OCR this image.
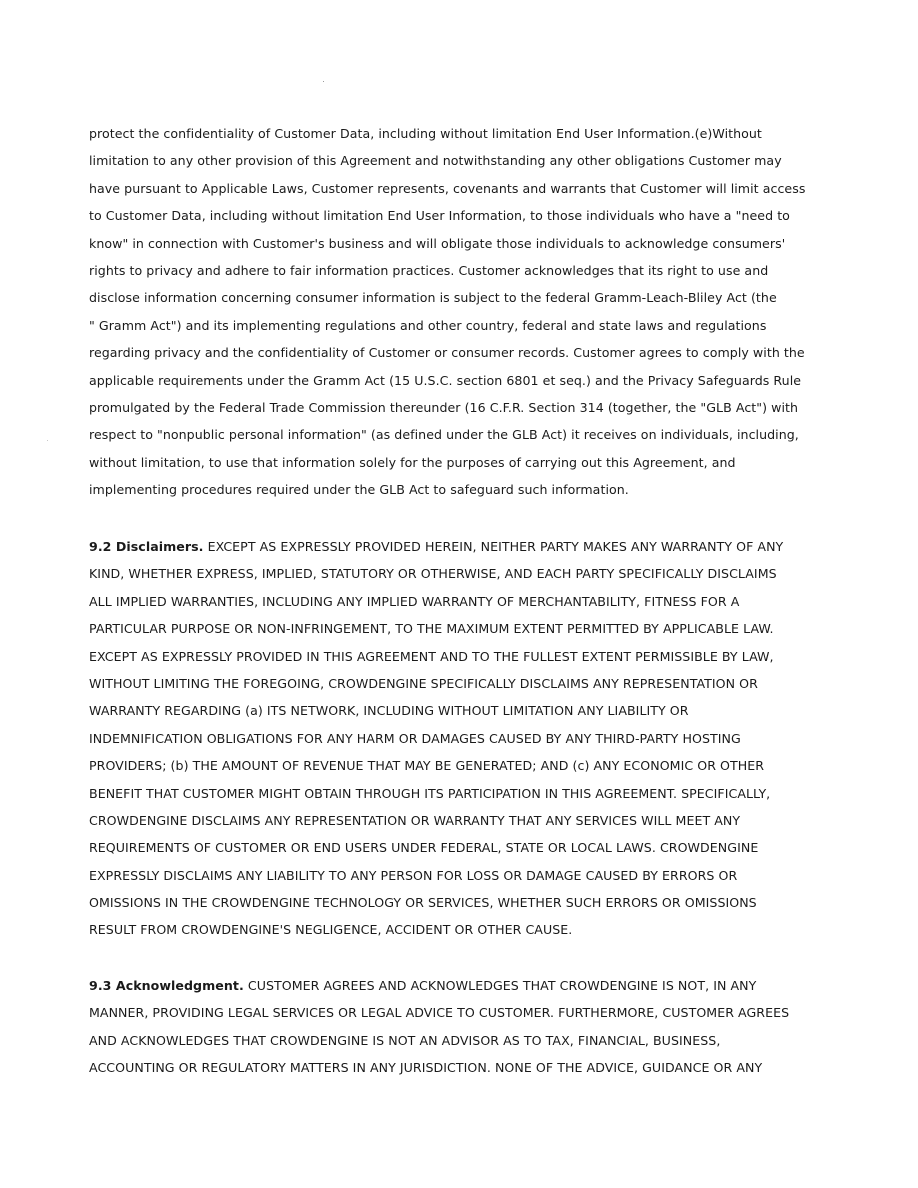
protect the confidentiality of Customer Data, including without limitation End User Information.(e)Without
limitation to any other provision of this Agreement and notwithstanding any other obligations Customer may
have pursuant to Applicable Laws, Customer represents, covenants and warrants that Customer will limit access
to Customer Data, including without limitation End User Information, to those individuals who have a "need to
know" in connection with Customer's business and will obligate those individuals to acknowledge consumers'
rights to privacy and adhere to fair information practices. Customer acknowledges that its right to use and
disclose information concerning consumer information is subject to the federal Gramm-Leach-Bliley Act (the
" Gramm Act") and its implementing regulations and other country, federal and state laws and regulations
regarding privacy and the confidentiality of Customer or consumer records. Customer agrees to comply with the
applicable requirements under the Gramm Act (15 U.S.C. section 6801 et seq.) and the Privacy Safeguards Rule
promulgated by the Federal Trade Commission thereunder (16 C.F.R. Section 314 (together, the "GLB Act") with
respect to "nonpublic personal information" (as defined under the GLB Act) it receives on individuals, including,
without limitation, to use that information solely for the purposes of carrying out this Agreement, and
implementing procedures required under the GLB Act to safeguard such information.
9.2 Disclaimers. EXCEPT AS EXPRESSLY PROVIDED HEREIN, NEITHER PARTY MAKES ANY WARRANTY OF ANY
KIND, WHETHER EXPRESS, IMPLIED, STATUTORY OR OTHERWISE, AND EACH PARTY SPECIFICALLY DISCLAIMS
ALL IMPLIED WARRANTIES, INCLUDING ANY IMPLIED WARRANTY OF MERCHANTABILITY, FITNESS FOR A
PARTICULAR PURPOSE OR NON-INFRINGEMENT, TO THE MAXIMUM EXTENT PERMITTED BY APPLICABLE LAW.
EXCEPT AS EXPRESSLY PROVIDED IN THIS AGREEMENT AND TO THE FULLEST EXTENT PERMISSIBLE BY LAW,
WITHOUT LIMITING THE FOREGOING, CROWDENGINE SPECIFICALLY DISCLAIMS ANY REPRESENTATION OR
WARRANTY REGARDING (a) ITS NETWORK, INCLUDING WITHOUT LIMITATION ANY LIABILITY OR
INDEMNIFICATION OBLIGATIONS FOR ANY HARM OR DAMAGES CAUSED BY ANY THIRD-PARTY HOSTING
PROVIDERS; (b) THE AMOUNT OF REVENUE THAT MAY BE GENERATED; AND (c) ANY ECONOMIC OR OTHER
BENEFIT THAT CUSTOMER MIGHT OBTAIN THROUGH ITS PARTICIPATION IN THIS AGREEMENT. SPECIFICALLY,
CROWDENGINE DISCLAIMS ANY REPRESENTATION OR WARRANTY THAT ANY SERVICES WILL MEET ANY
REQUIREMENTS OF CUSTOMER OR END USERS UNDER FEDERAL, STATE OR LOCAL LAWS. CROWDENGINE
EXPRESSLY DISCLAIMS ANY LIABILITY TO ANY PERSON FOR LOSS OR DAMAGE CAUSED BY ERRORS OR
OMISSIONS IN THE CROWDENGINE TECHNOLOGY OR SERVICES, WHETHER SUCH ERRORS OR OMISSIONS
RESULT FROM CROWDENGINE'S NEGLIGENCE, ACCIDENT OR OTHER CAUSE.
9.3 Acknowledgment. CUSTOMER AGREES AND ACKNOWLEDGES THAT CROWDENGINE IS NOT, IN ANY
MANNER, PROVIDING LEGAL SERVICES OR LEGAL ADVICE TO CUSTOMER. FURTHERMORE, CUSTOMER AGREES
AND ACKNOWLEDGES THAT CROWDENGINE IS NOT AN ADVISOR AS TO TAX, FINANCIAL, BUSINESS,
ACCOUNTING OR REGULATORY MATTERS IN ANY JURISDICTION. NONE OF THE ADVICE, GUIDANCE OR ANY
